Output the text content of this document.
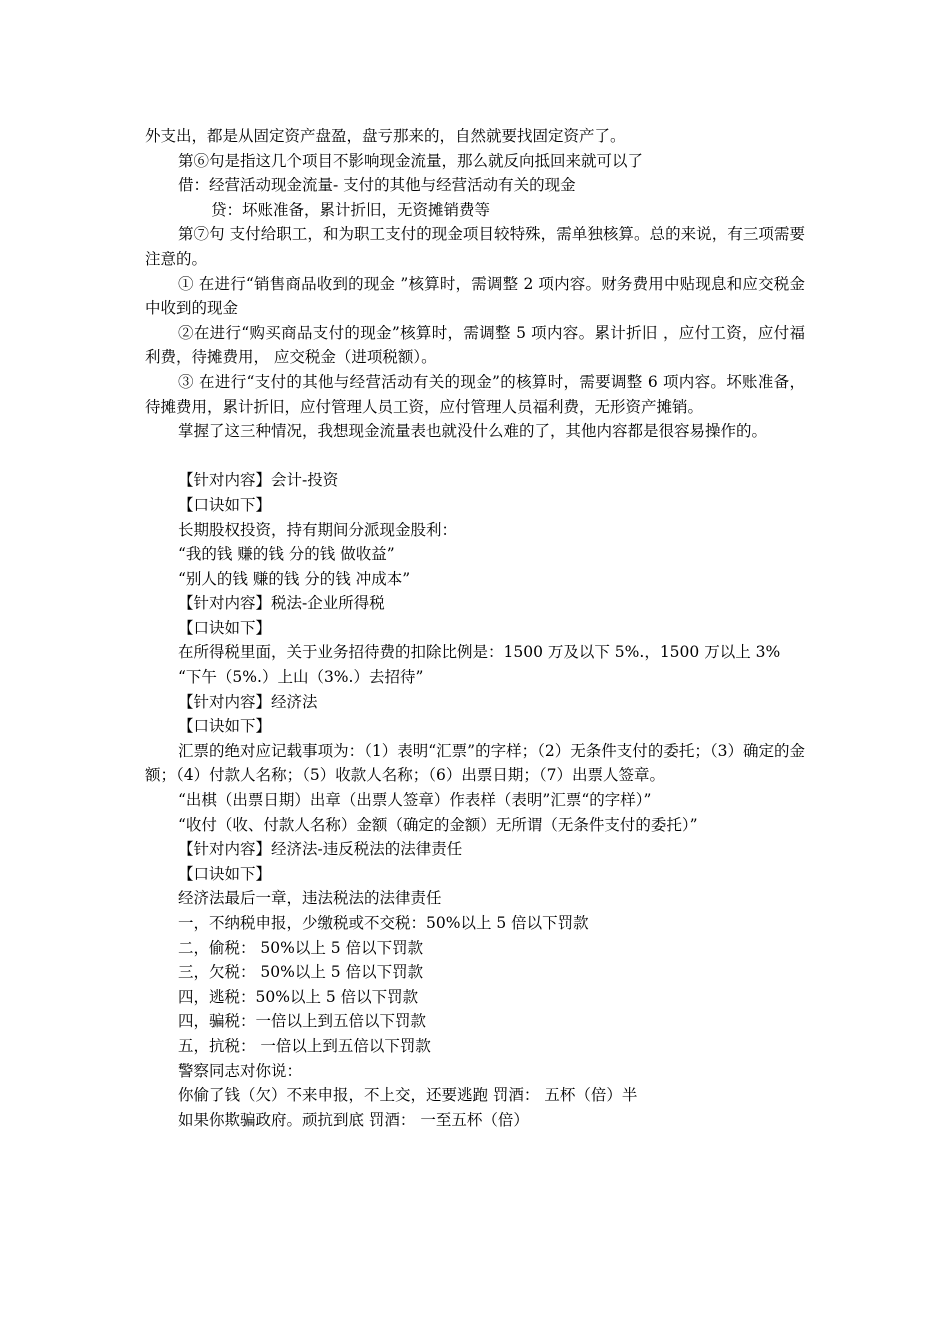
外支出，都是从固定资产盘盈，盘亏那来的，自然就要找固定资产了。

第⑥句是指这几个项目不影响现金流量，那么就反向抵回来就可以了

借：经营活动现金流量- 支付的其他与经营活动有关的现金

贷：坏账准备，累计折旧，无资摊销费等

第⑦句 支付给职工，和为职工支付的现金项目较特殊，需单独核算。总的来说，有三项需要注意的。

① 在进行“销售商品收到的现金 ”核算时，需调整 2 项内容。财务费用中贴现息和应交税金中收到的现金

②在进行“购买商品支付的现金”核算时，需调整 5 项内容。累计折旧 ，应付工资，应付福利费，待摊费用， 应交税金（进项税额）。

③ 在进行“支付的其他与经营活动有关的现金”的核算时，需要调整 6 项内容。坏账准备，待摊费用，累计折旧，应付管理人员工资，应付管理人员福利费，无形资产摊销。

掌握了这三种情况，我想现金流量表也就没什么难的了，其他内容都是很容易操作的。

【针对内容】会计-投资

【口诀如下】

长期股权投资，持有期间分派现金股利：

“我的钱 赚的钱 分的钱 做收益”

“别人的钱 赚的钱 分的钱 冲成本”

【针对内容】税法-企业所得税

【口诀如下】

在所得税里面，关于业务招待费的扣除比例是：1500 万及以下 5%.，1500 万以上 3%

“下午（5%.）上山（3%.）去招待”

【针对内容】经济法

【口诀如下】

汇票的绝对应记载事项为：（1）表明“汇票”的字样；（2）无条件支付的委托；（3）确定的金额；（4）付款人名称；（5）收款人名称；（6）出票日期；（7）出票人签章。

“出棋（出票日期）出章（出票人签章）作表样（表明”汇票“的字样）”

“收付（收、付款人名称）金额（确定的金额）无所谓（无条件支付的委托）”

【针对内容】经济法-违反税法的法律责任

【口诀如下】

经济法最后一章，违法税法的法律责任

一，不纳税申报，少缴税或不交税：50%以上 5 倍以下罚款

二，偷税： 50%以上 5 倍以下罚款

三，欠税： 50%以上 5 倍以下罚款

四，逃税：50%以上 5 倍以下罚款

四，骗税：一倍以上到五倍以下罚款

五，抗税： 一倍以上到五倍以下罚款

警察同志对你说：

你偷了钱（欠）不来申报，不上交，还要逃跑 罚酒： 五杯（倍）半

如果你欺骗政府。顽抗到底 罚酒： 一至五杯（倍）
